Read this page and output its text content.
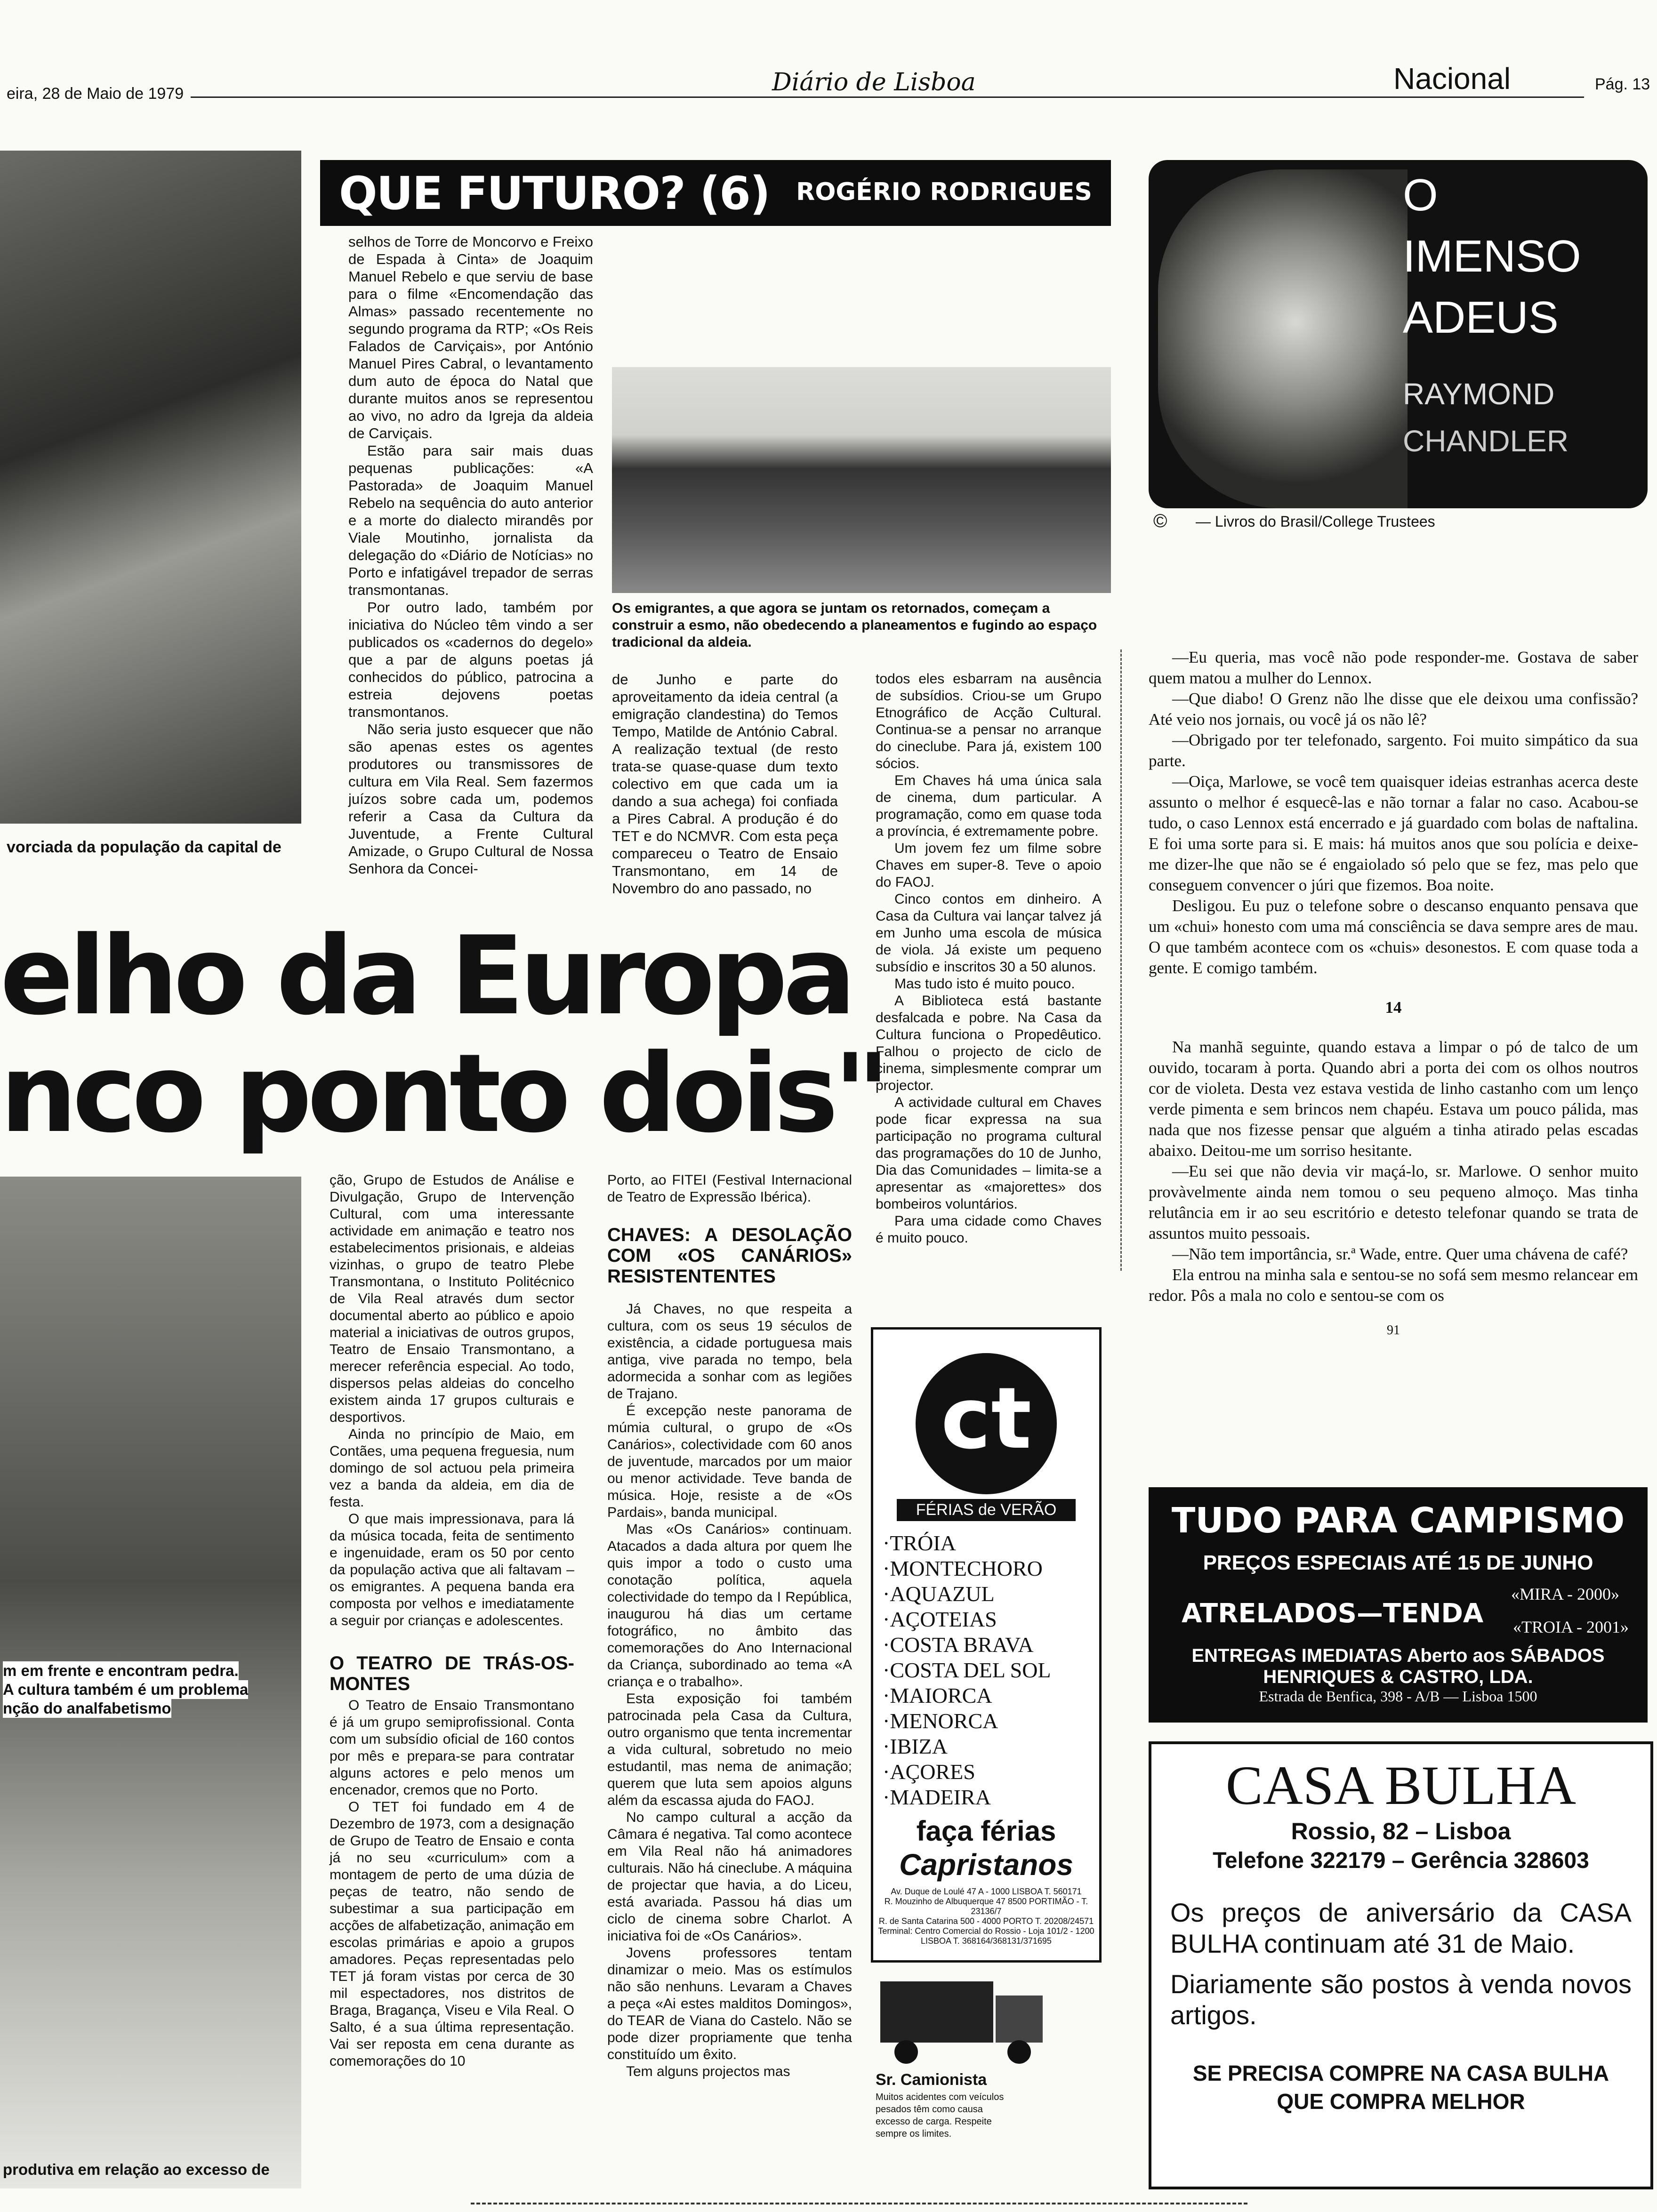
eira, 28 de Maio de 1979	Diário de Lisboa	Nacional	Pág. 13
vorciada da população da capital de
elho da Europa
nco ponto dois"
m em frente e encontram pedra.
A cultura também é um problema
nção do analfabetismo
produtiva em relação ao excesso de
QUE FUTURO? (6) ROGÉRIO RODRIGUES
Os emigrantes, a que agora se juntam os retornados, começam a construir a esmo, não obedecendo a planeamentos e fugindo ao espaço tradicional da aldeia.

selhos de Torre de Moncorvo e Freixo de Espada à Cinta» de Joaquim Manuel Rebelo e que serviu de base para o filme «Encomendação das Almas» passado recentemente no segundo programa da RTP; «Os Reis Falados de Carviçais», por António Manuel Pires Cabral, o levantamento dum auto de época do Natal que durante muitos anos se representou ao vivo, no adro da Igreja da aldeia de Carviçais.

Estão para sair mais duas pequenas publicações: «A Pastorada» de Joaquim Manuel Rebelo na sequência do auto anterior e a morte do dialecto mirandês por Viale Moutinho, jornalista da delegação do «Diário de Notícias» no Porto e infatigável trepador de serras transmontanas.

Por outro lado, também por iniciativa do Núcleo têm vindo a ser publicados os «cadernos do degelo» que a par de alguns poetas já conhecidos do público, patrocina a estreia dejovens poetas transmontanos.

Não seria justo esquecer que não são apenas estes os agentes produtores ou transmissores de cultura em Vila Real. Sem fazermos juízos sobre cada um, podemos referir a Casa da Cultura da Juventude, a Frente Cultural Amizade, o Grupo Cultural de Nossa Senhora da Concei-

de Junho e parte do aproveitamento da ideia central (a emigração clandestina) do Temos Tempo, Matilde de António Cabral. A realização textual (de resto trata-se quase-quase dum texto colectivo em que cada um ia dando a sua achega) foi confiada a Pires Cabral. A produção é do TET e do NCMVR. Com esta peça compareceu o Teatro de Ensaio Transmontano, em 14 de Novembro do ano passado, no

todos eles esbarram na ausência de subsídios. Criou-se um Grupo Etnográfico de Acção Cultural. Continua-se a pensar no arranque do cineclube. Para já, existem 100 sócios.

Em Chaves há uma única sala de cinema, dum particular. A programação, como em quase toda a província, é extremamente pobre.

Um jovem fez um filme sobre Chaves em super-8. Teve o apoio do FAOJ.

Cinco contos em dinheiro. A Casa da Cultura vai lançar talvez já em Junho uma escola de música de viola. Já existe um pequeno subsídio e inscritos 30 a 50 alunos.

Mas tudo isto é muito pouco.

A Biblioteca está bastante desfalcada e pobre. Na Casa da Cultura funciona o Propedêutico. Falhou o projecto de ciclo de cinema, simplesmente comprar um projector.

A actividade cultural em Chaves pode ficar expressa na sua participação no programa cultural das programações do 10 de Junho, Dia das Comunidades – limita-se a apresentar as «majorettes» dos bombeiros voluntários.

Para uma cidade como Chaves é muito pouco.

ção, Grupo de Estudos de Análise e Divulgação, Grupo de Intervenção Cultural, com uma interessante actividade em animação e teatro nos estabelecimentos prisionais, e aldeias vizinhas, o grupo de teatro Plebe Transmontana, o Instituto Politécnico de Vila Real através dum sector documental aberto ao público e apoio material a iniciativas de outros grupos, Teatro de Ensaio Transmontano, a merecer referência especial. Ao todo, dispersos pelas aldeias do concelho existem ainda 17 grupos culturais e desportivos.

Ainda no princípio de Maio, em Contães, uma pequena freguesia, num domingo de sol actuou pela primeira vez a banda da aldeia, em dia de festa.

O que mais impressionava, para lá da música tocada, feita de sentimento e ingenuidade, eram os 50 por cento da população activa que ali faltavam – os emigrantes. A pequena banda era composta por velhos e imediatamente a seguir por crianças e adolescentes.

O TEATRO DE TRÁS-OS-MONTES

O Teatro de Ensaio Transmontano é já um grupo semiprofissional. Conta com um subsídio oficial de 160 contos por mês e prepara-se para contratar alguns actores e pelo menos um encenador, cremos que no Porto.

O TET foi fundado em 4 de Dezembro de 1973, com a designação de Grupo de Teatro de Ensaio e conta já no seu «curriculum» com a montagem de perto de uma dúzia de peças de teatro, não sendo de subestimar a sua participação em acções de alfabetização, animação em escolas primárias e apoio a grupos amadores. Peças representadas pelo TET já foram vistas por cerca de 30 mil espectadores, nos distritos de Braga, Bragança, Viseu e Vila Real. O Salto, é a sua última representação. Vai ser reposta em cena durante as comemorações do 10

Porto, ao FITEI (Festival Internacional de Teatro de Expressão Ibérica).

CHAVES: A DESOLAÇÃO COM «OS CANÁRIOS» RESISTENTENTES

Já Chaves, no que respeita a cultura, com os seus 19 séculos de existência, a cidade portuguesa mais antiga, vive parada no tempo, bela adormecida a sonhar com as legiões de Trajano.

É excepção neste panorama de múmia cultural, o grupo de «Os Canários», colectividade com 60 anos de juventude, marcados por um maior ou menor actividade. Teve banda de música. Hoje, resiste a de «Os Pardais», banda municipal.

Mas «Os Canários» continuam. Atacados a dada altura por quem lhe quis impor a todo o custo uma conotação política, aquela colectividade do tempo da I República, inaugurou há dias um certame fotográfico, no âmbito das comemorações do Ano Internacional da Criança, subordinado ao tema «A criança e o trabalho».

Esta exposição foi também patrocinada pela Casa da Cultura, outro organismo que tenta incrementar a vida cultural, sobretudo no meio estudantil, mas nema de animação; querem que luta sem apoios alguns além da escassa ajuda do FAOJ.

No campo cultural a acção da Câmara é negativa. Tal como acontece em Vila Real não há animadores culturais. Não há cineclube. A máquina de projectar que havia, a do Liceu, está avariada. Passou há dias um ciclo de cinema sobre Charlot. A iniciativa foi de «Os Canários».

Jovens professores tentam dinamizar o meio. Mas os estímulos não são nenhuns. Levaram a Chaves a peça «Ai estes malditos Domingos», do TEAR de Viana do Castelo. Não se pode dizer propriamente que tenha constituído um êxito.

Tem alguns projectos mas

O
IMENSO
ADEUS
RAYMOND
CHANDLER
© — Livros do Brasil/College Trustees

—Eu queria, mas você não pode responder-me. Gostava de saber quem matou a mulher do Lennox.

—Que diabo! O Grenz não lhe disse que ele deixou uma confissão? Até veio nos jornais, ou você já os não lê?

—Obrigado por ter telefonado, sargento. Foi muito simpático da sua parte.

—Oiça, Marlowe, se você tem quaisquer ideias estranhas acerca deste assunto o melhor é esquecê-las e não tornar a falar no caso. Acabou-se tudo, o caso Lennox está encerrado e já guardado com bolas de naftalina. E foi uma sorte para si. E mais: há muitos anos que sou polícia e deixe-me dizer-lhe que não se é engaiolado só pelo que se fez, mas pelo que conseguem convencer o júri que fizemos. Boa noite.

Desligou. Eu puz o telefone sobre o descanso enquanto pensava que um «chui» honesto com uma má consciência se dava sempre ares de mau. O que também acontece com os «chuis» desonestos. E com quase toda a gente. E comigo também.

14

Na manhã seguinte, quando estava a limpar o pó de talco de um ouvido, tocaram à porta. Quando abri a porta dei com os olhos noutros cor de violeta. Desta vez estava vestida de linho castanho com um lenço verde pimenta e sem brincos nem chapéu. Estava um pouco pálida, mas nada que nos fizesse pensar que alguém a tinha atirado pelas escadas abaixo. Deitou-me um sorriso hesitante.

—Eu sei que não devia vir maçá-lo, sr. Marlowe. O senhor muito provàvelmente ainda nem tomou o seu pequeno almoço. Mas tinha relutância em ir ao seu escritório e detesto telefonar quando se trata de assuntos muito pessoais.

—Não tem importância, sr.ª Wade, entre. Quer uma chávena de café?

Ela entrou na minha sala e sentou-se no sofá sem mesmo relancear em redor. Pôs a mala no colo e sentou-se com os

91
TUDO PARA CAMPISMO
PREÇOS ESPECIAIS ATÉ 15 DE JUNHO
ATRELADOS—TENDA
«MIRA - 2000»
«TROIA - 2001»
ENTREGAS IMEDIATAS Aberto aos SÁBADOS
HENRIQUES & CASTRO, LDA.
Estrada de Benfica, 398 - A/B — Lisboa 1500
CASA BULHA
Rossio, 82 – Lisboa
Telefone 322179 – Gerência 328603
Os preços de aniversário da CASA BULHA continuam até 31 de Maio.
Diariamente são postos à venda novos artigos.
SE PRECISA COMPRE NA CASA BULHA QUE COMPRA MELHOR
ct
FÉRIAS de VERÃO
·TRÓIA
·MONTECHORO
·AQUAZUL
·AÇOTEIAS
·COSTA BRAVA
·COSTA DEL SOL
·MAIORCA
·MENORCA
·IBIZA
·AÇORES
·MADEIRA
faça férias
Capristanos
Av. Duque de Loulé 47 A - 1000 LISBOA T. 560171
R. Mouzinho de Albuquerque 47 8500 PORTIMÃO - T. 23136/7
R. de Santa Catarina 500 - 4000 PORTO T. 20208/24571
Terminal: Centro Comercial do Rossio - Loja 101/2 - 1200 LISBOA T. 368164/368131/371695
Sr. Camionista
Muitos acidentes com veículos pesados têm como causa excesso de carga. Respeite sempre os limites.
